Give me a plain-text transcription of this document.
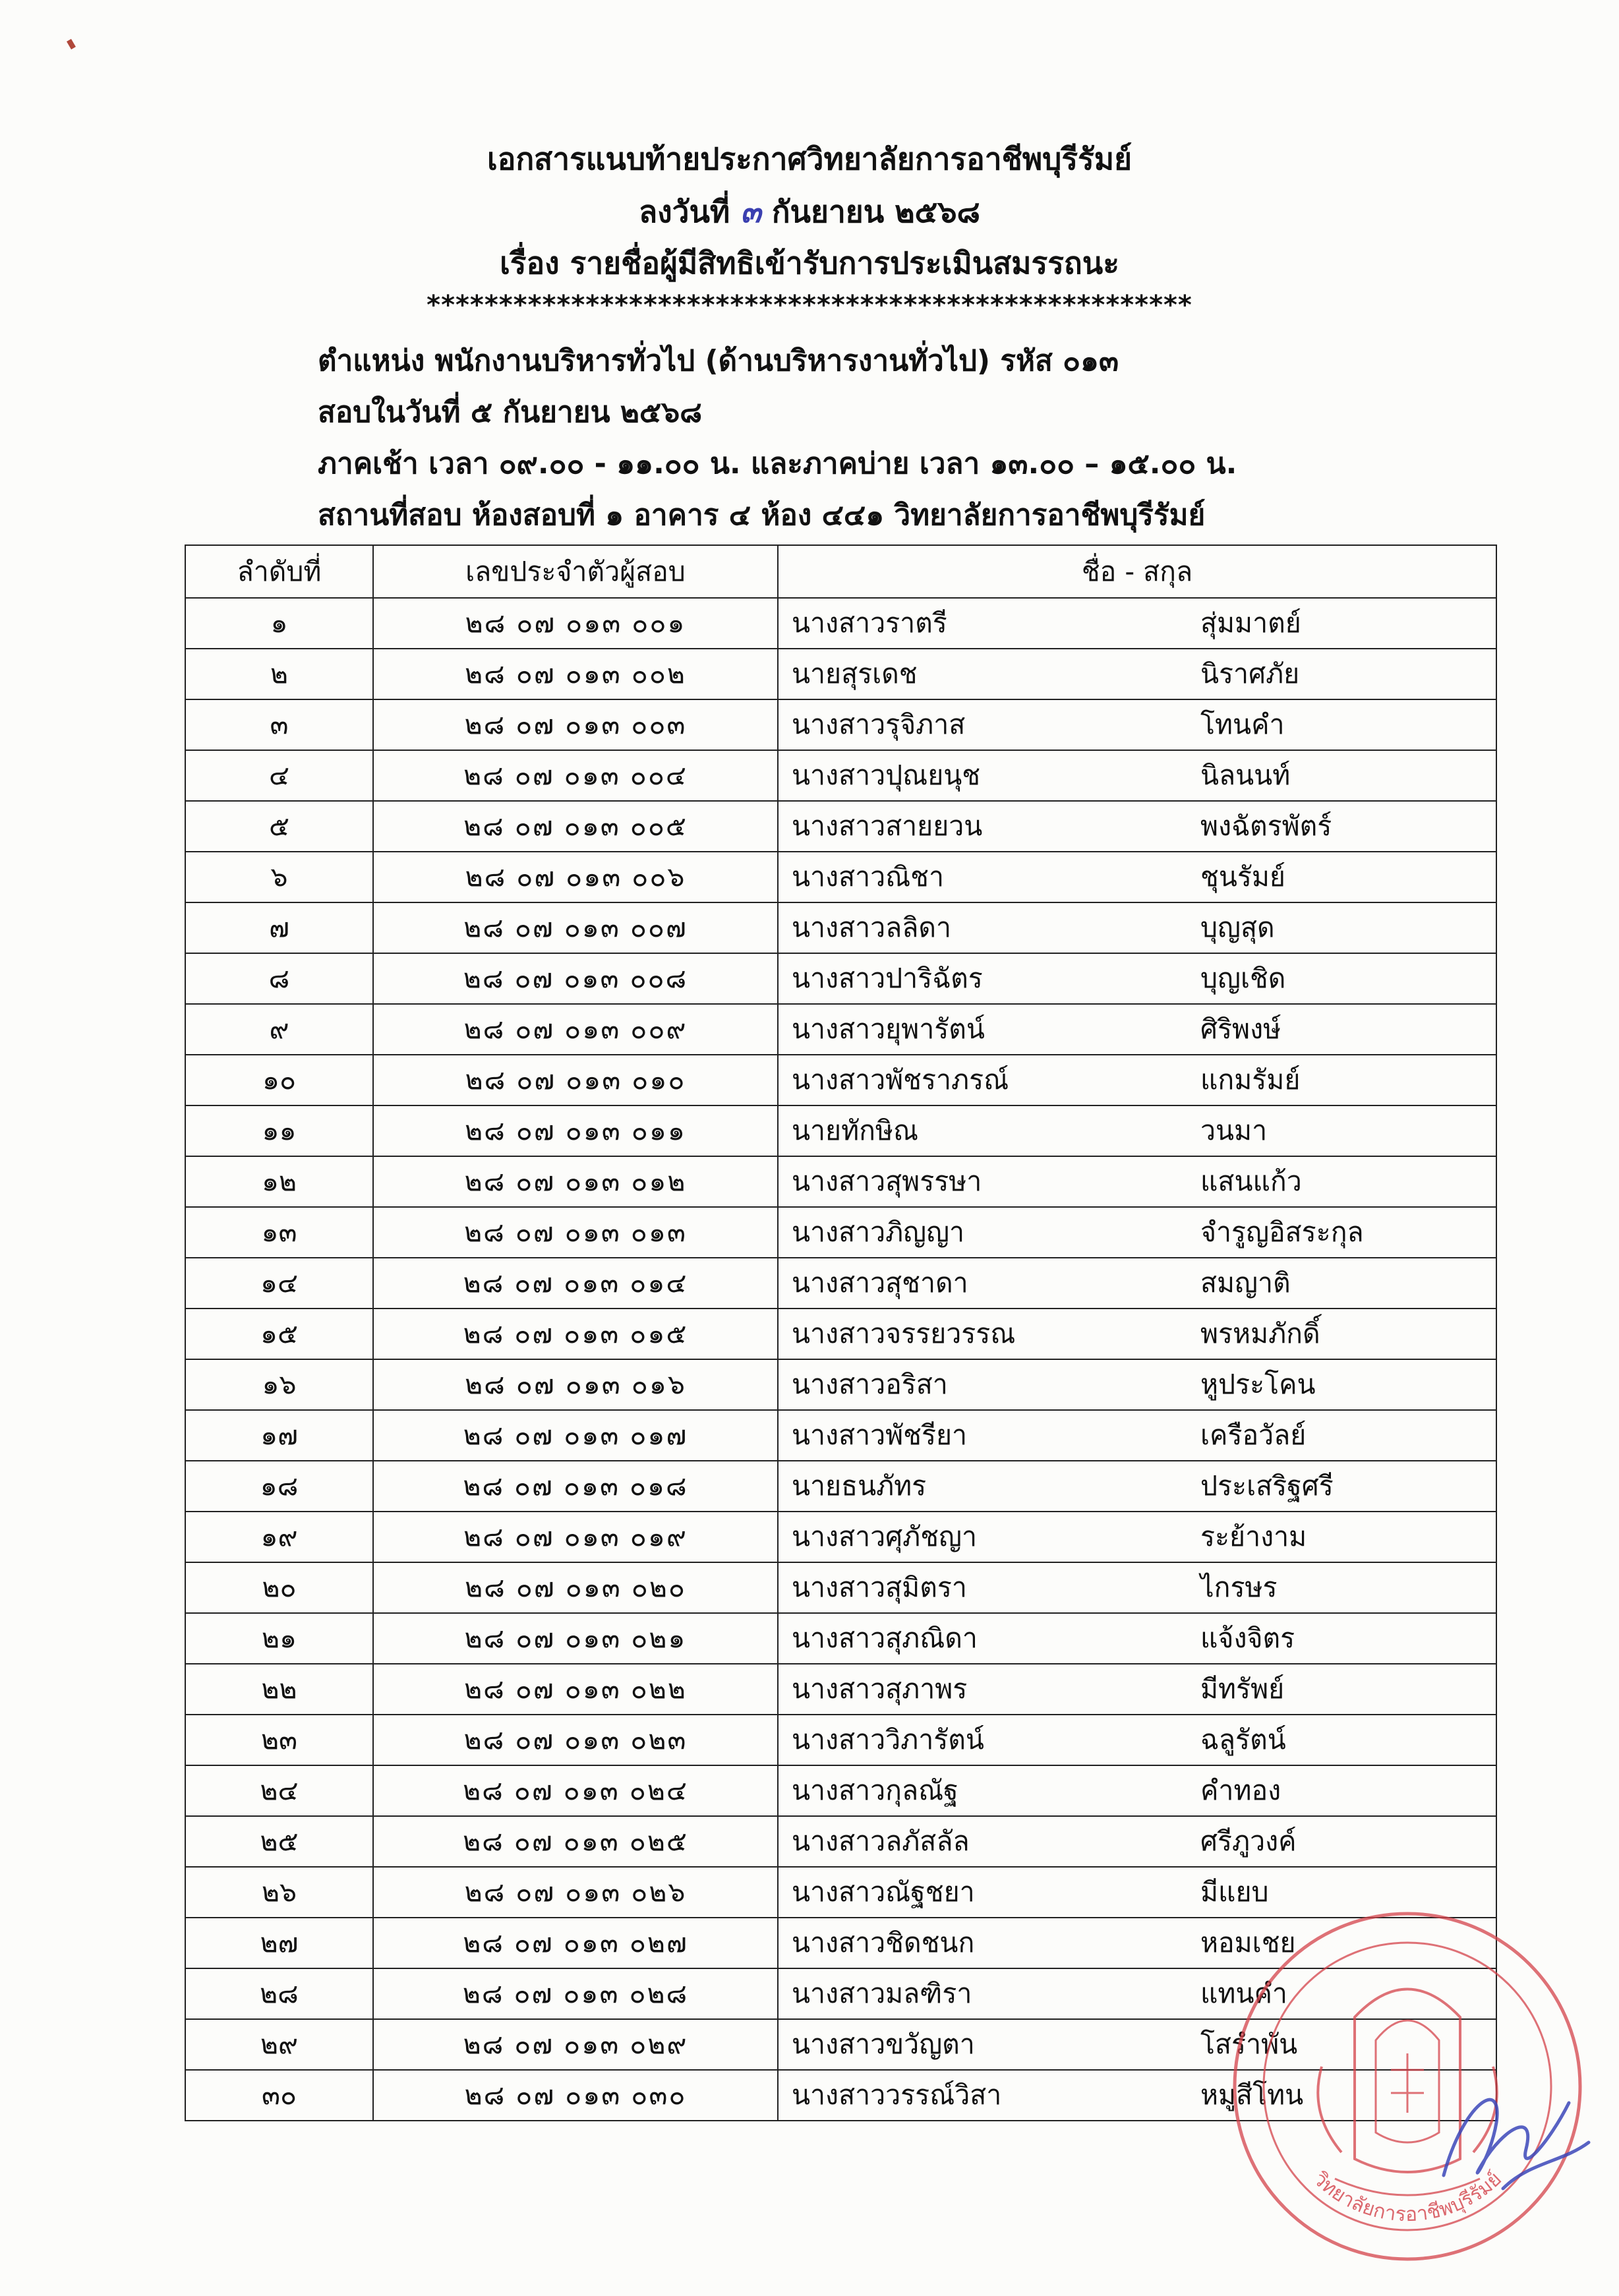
เอกสารแนบท้ายประกาศวิทยาลัยการอาชีพบุรีรัมย์
ลงวันที่ ๓ กันยายน ๒๕๖๘
เรื่อง รายชื่อผู้มีสิทธิเข้ารับการประเมินสมรรถนะ
*****************************************************
ตำแหน่ง พนักงานบริหารทั่วไป (ด้านบริหารงานทั่วไป) รหัส ๐๑๓
สอบในวันที่ ๕ กันยายน ๒๕๖๘
ภาคเช้า เวลา ๐๙.๐๐ - ๑๑.๐๐ น. และภาคบ่าย เวลา ๑๓.๐๐ – ๑๕.๐๐ น.
สถานที่สอบ ห้องสอบที่ ๑ อาคาร ๔ ห้อง ๔๔๑ วิทยาลัยการอาชีพบุรีรัมย์
ลำดับที่	เลขประจำตัวผู้สอบ	ชื่อ - สกุล
๑	๒๘ ๐๗ ๐๑๓ ๐๐๑	นางสาวราตรี สุ่มมาตย์

๒	๒๘ ๐๗ ๐๑๓ ๐๐๒	นายสุรเดช นิราศภัย

๓	๒๘ ๐๗ ๐๑๓ ๐๐๓	นางสาวรุจิภาส โทนคำ

๔	๒๘ ๐๗ ๐๑๓ ๐๐๔	นางสาวปุณยนุช นิลนนท์

๕	๒๘ ๐๗ ๐๑๓ ๐๐๕	นางสาวสายยวน พงฉัตรพัตร์

๖	๒๘ ๐๗ ๐๑๓ ๐๐๖	นางสาวณิชา ชุนรัมย์

๗	๒๘ ๐๗ ๐๑๓ ๐๐๗	นางสาวลลิดา บุญสุด

๘	๒๘ ๐๗ ๐๑๓ ๐๐๘	นางสาวปาริฉัตร บุญเชิด

๙	๒๘ ๐๗ ๐๑๓ ๐๐๙	นางสาวยุพารัตน์ ศิริพงษ์

๑๐	๒๘ ๐๗ ๐๑๓ ๐๑๐	นางสาวพัชราภรณ์ แกมรัมย์

๑๑	๒๘ ๐๗ ๐๑๓ ๐๑๑	นายทักษิณ วนมา

๑๒	๒๘ ๐๗ ๐๑๓ ๐๑๒	นางสาวสุพรรษา แสนแก้ว

๑๓	๒๘ ๐๗ ๐๑๓ ๐๑๓	นางสาวภิญญา จำรูญอิสระกุล

๑๔	๒๘ ๐๗ ๐๑๓ ๐๑๔	นางสาวสุชาดา สมญาติ

๑๕	๒๘ ๐๗ ๐๑๓ ๐๑๕	นางสาวจรรยวรรณ พรหมภักดิ์

๑๖	๒๘ ๐๗ ๐๑๓ ๐๑๖	นางสาวอริสา หูประโคน

๑๗	๒๘ ๐๗ ๐๑๓ ๐๑๗	นางสาวพัชรียา เครือวัลย์

๑๘	๒๘ ๐๗ ๐๑๓ ๐๑๘	นายธนภัทร ประเสริฐศรี

๑๙	๒๘ ๐๗ ๐๑๓ ๐๑๙	นางสาวศุภัชญา ระย้างาม

๒๐	๒๘ ๐๗ ๐๑๓ ๐๒๐	นางสาวสุมิตรา ไกรษร

๒๑	๒๘ ๐๗ ๐๑๓ ๐๒๑	นางสาวสุภณิดา แจ้งจิตร

๒๒	๒๘ ๐๗ ๐๑๓ ๐๒๒	นางสาวสุภาพร มีทรัพย์

๒๓	๒๘ ๐๗ ๐๑๓ ๐๒๓	นางสาววิภารัตน์ ฉลูรัตน์

๒๔	๒๘ ๐๗ ๐๑๓ ๐๒๔	นางสาวกุลณัฐ คำทอง

๒๕	๒๘ ๐๗ ๐๑๓ ๐๒๕	นางสาวลภัสลัล ศรีภูวงค์

๒๖	๒๘ ๐๗ ๐๑๓ ๐๒๖	นางสาวณัฐชยา มีแยบ

๒๗	๒๘ ๐๗ ๐๑๓ ๐๒๗	นางสาวชิดชนก หอมเชย

๒๘	๒๘ ๐๗ ๐๑๓ ๐๒๘	นางสาวมลฑิรา แทนคำ

๒๙	๒๘ ๐๗ ๐๑๓ ๐๒๙	นางสาวขวัญตา โสรำพัน

๓๐	๒๘ ๐๗ ๐๑๓ ๐๓๐	นางสาววรรณ์วิสา หมูสีโทน
วิทยาลัยการอาชีพบุรีรัมย์
